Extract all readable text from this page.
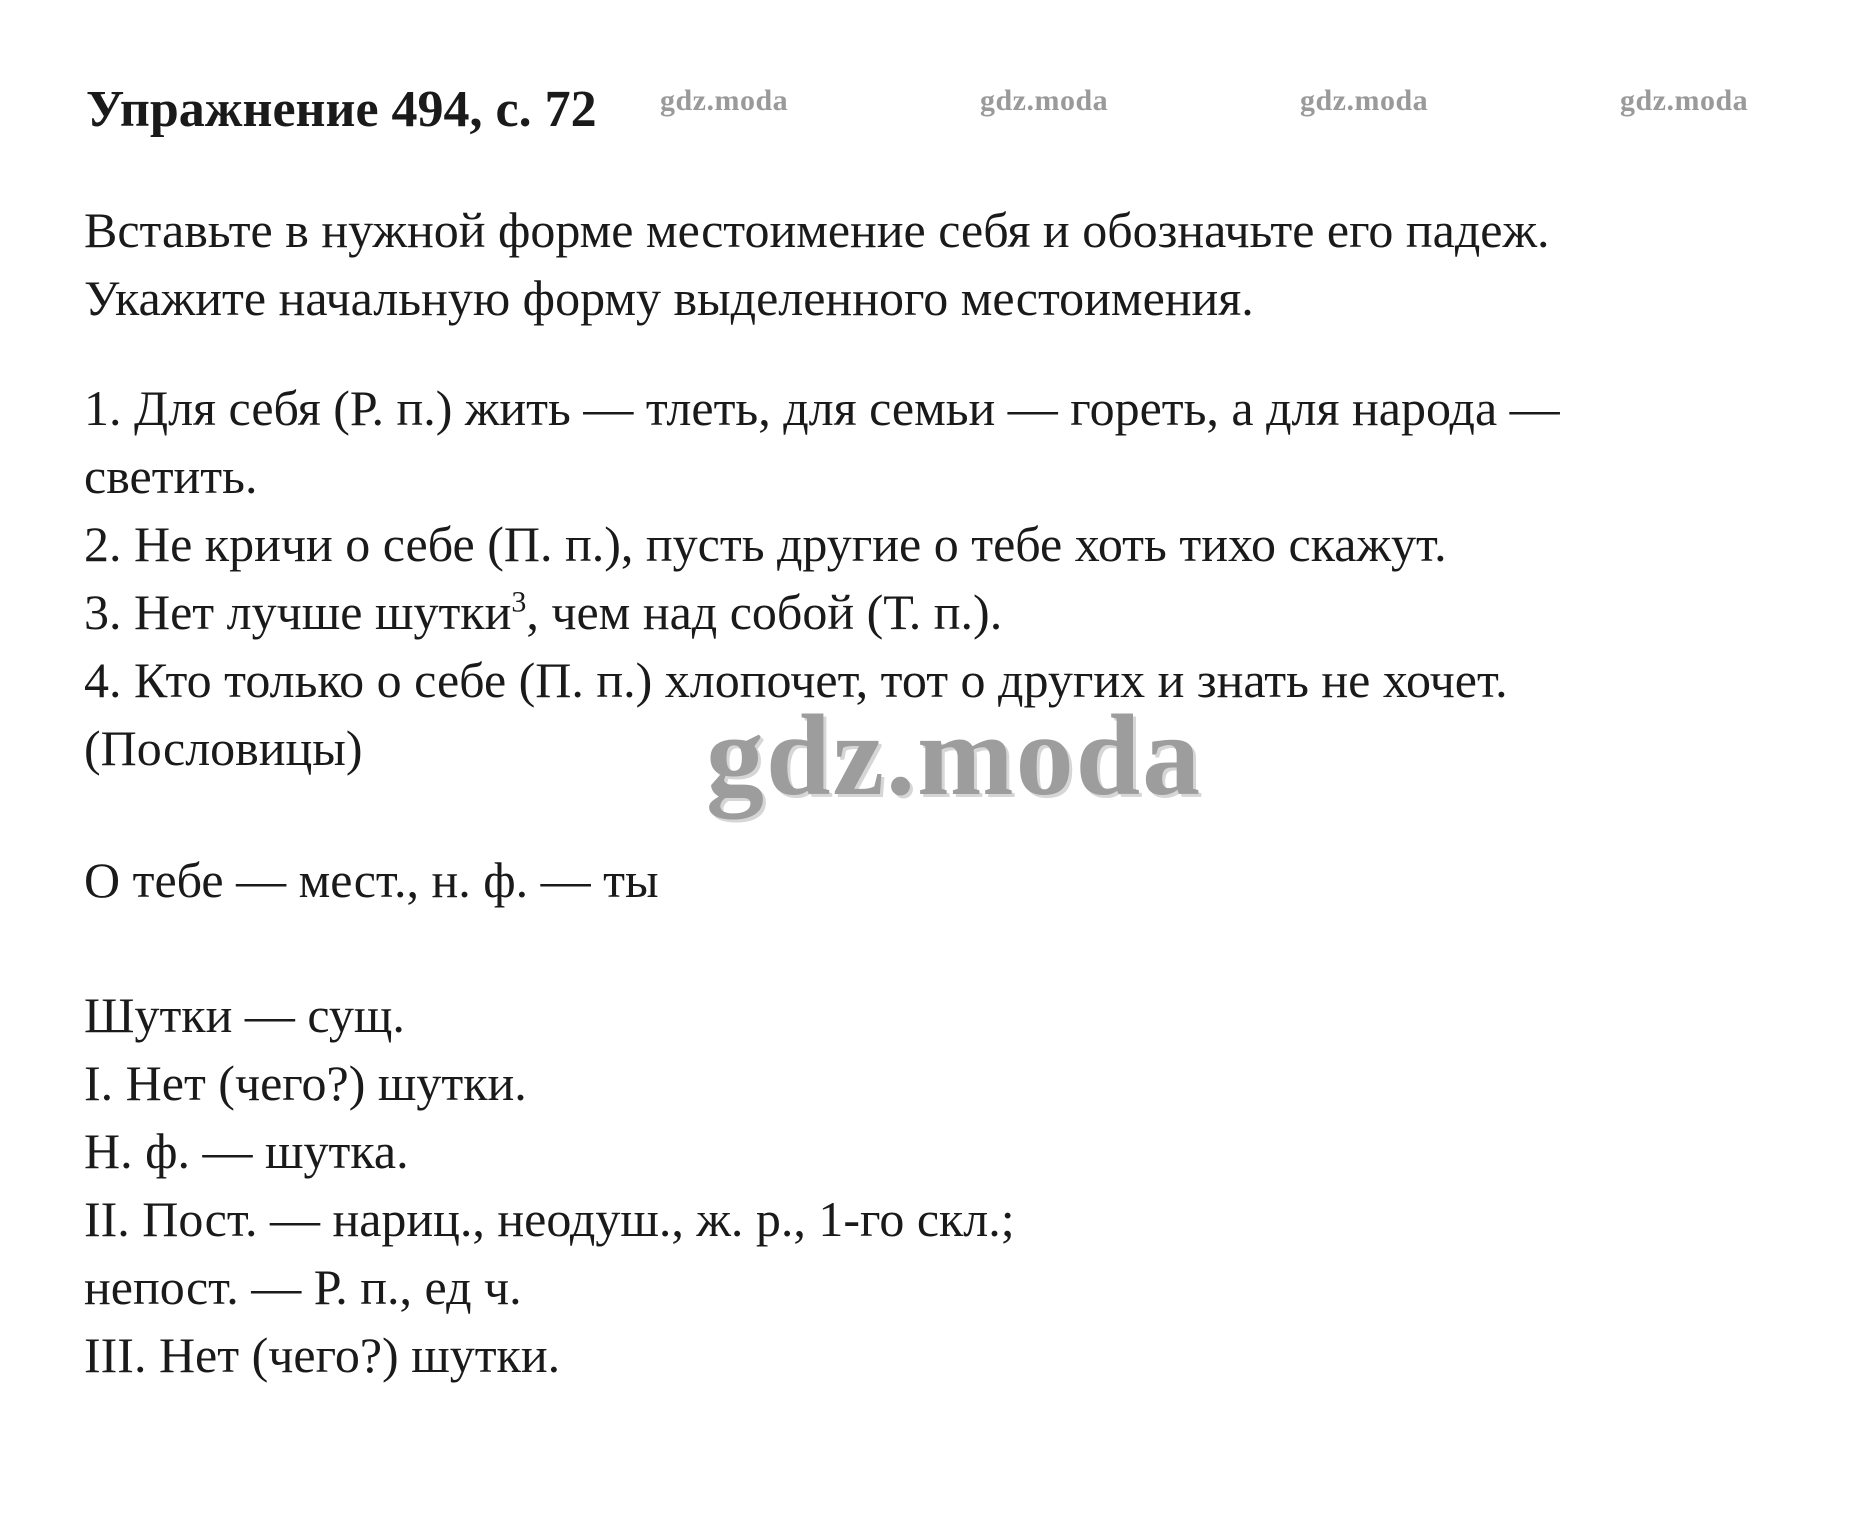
Упражнение 494, с. 72 gdz.moda	gdz.moda	gdz.moda	gdz.moda
Вставьте в нужной форме местоимение себя и обозначьте его падеж.
Укажите начальную форму выделенного местоимения.
1. Для себя (Р. п.) жить — тлеть, для семьи — гореть, а для народа —
светить.
2. Не кричи о себе (П. п.), пусть другие о тебе хоть тихо скажут.
3. Нет лучше шутки$^3$, чем над собой (Т. п.).
4. Кто только о себе (П. п.) хлопочет, тот о других и знать не хочет.
(Пословицы)	gdz.moda
О тебе — мест., н. ф. — ты
Шутки — сущ.
I. Нет (чего?) шутки.
Н. ф. — шутка.
II. Пост. — нариц., неодуш., ж. р., 1-го скл.;
непост. — Р. п., ед ч.
III. Нет (чего?) шутки.
